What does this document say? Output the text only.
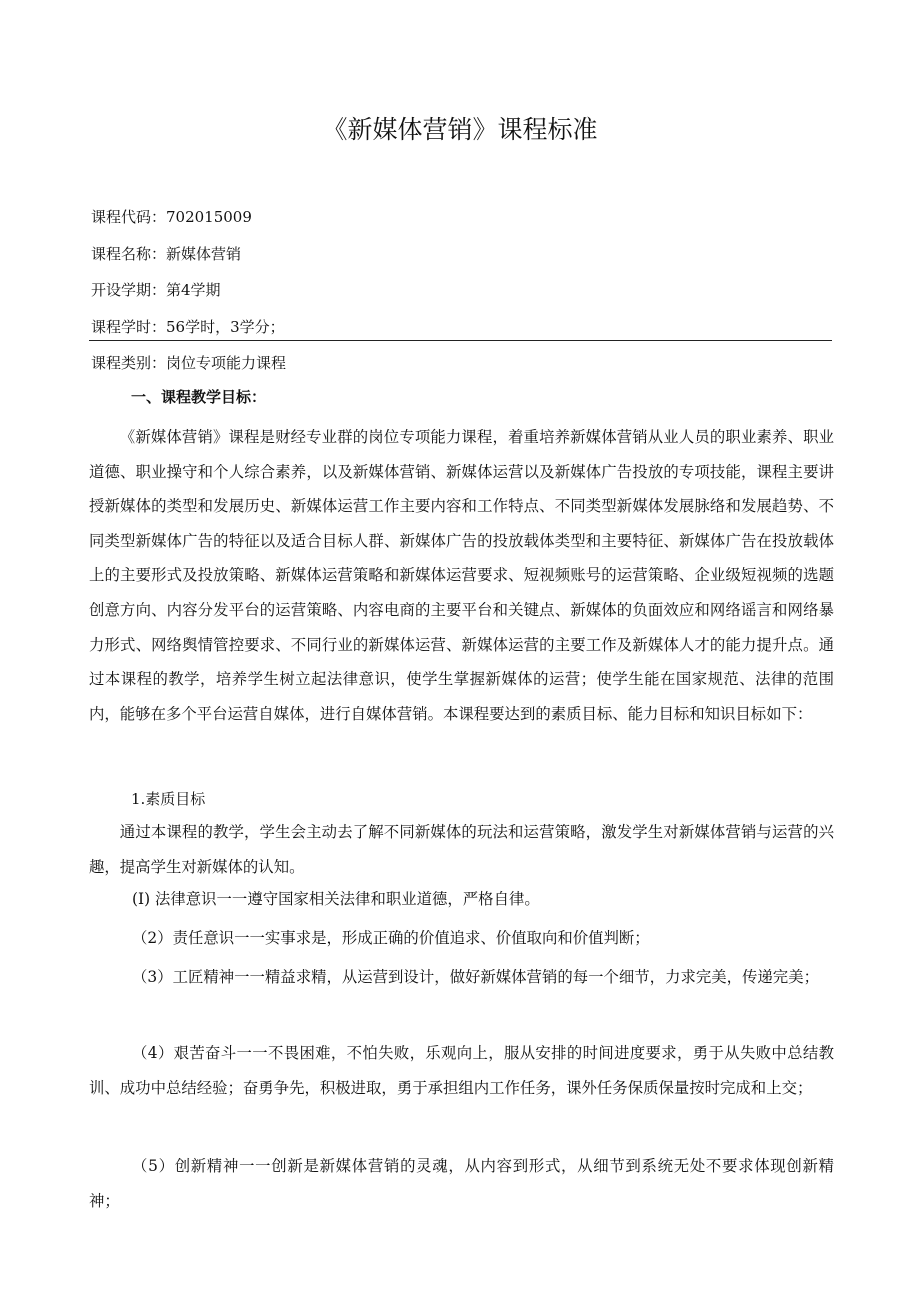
《新媒体营销》课程标准
课程代码：702015009
课程名称：新媒体营销
开设学期：第4学期
课程学时：56学时，3学分；
课程类别：岗位专项能力课程
一、课程教学目标：

《新媒体营销》课程是财经专业群的岗位专项能力课程，着重培养新媒体营销从业人员的职业素养、职业道德、职业操守和个人综合素养，以及新媒体营销、新媒体运营以及新媒体广告投放的专项技能，课程主要讲授新媒体的类型和发展历史、新媒体运营工作主要内容和工作特点、不同类型新媒体发展脉络和发展趋势、不同类型新媒体广告的特征以及适合目标人群、新媒体广告的投放载体类型和主要特征、新媒体广告在投放载体上的主要形式及投放策略、新媒体运营策略和新媒体运营要求、短视频账号的运营策略、企业级短视频的选题创意方向、内容分发平台的运营策略、内容电商的主要平台和关键点、新媒体的负面效应和网络谣言和网络暴力形式、网络舆情管控要求、不同行业的新媒体运营、新媒体运营的主要工作及新媒体人才的能力提升点。通过本课程的教学，培养学生树立起法律意识，使学生掌握新媒体的运营；使学生能在国家规范、法律的范围内，能够在多个平台运营自媒体，进行自媒体营销。本课程要达到的素质目标、能力目标和知识目标如下：

1.素质目标

通过本课程的教学，学生会主动去了解不同新媒体的玩法和运营策略，激发学生对新媒体营销与运营的兴趣，提高学生对新媒体的认知。

(I) 法律意识一一遵守国家相关法律和职业道德，严格自律。

（2）责任意识一一实事求是，形成正确的价值追求、价值取向和价值判断；

（3）工匠精神一一精益求精，从运营到设计，做好新媒体营销的每一个细节，力求完美，传递完美；

（4）艰苦奋斗一一不畏困难，不怕失败，乐观向上，服从安排的时间进度要求，勇于从失败中总结教训、成功中总结经验；奋勇争先，积极进取，勇于承担组内工作任务，课外任务保质保量按时完成和上交；

（5）创新精神一一创新是新媒体营销的灵魂，从内容到形式，从细节到系统无处不要求体现创新精神；
